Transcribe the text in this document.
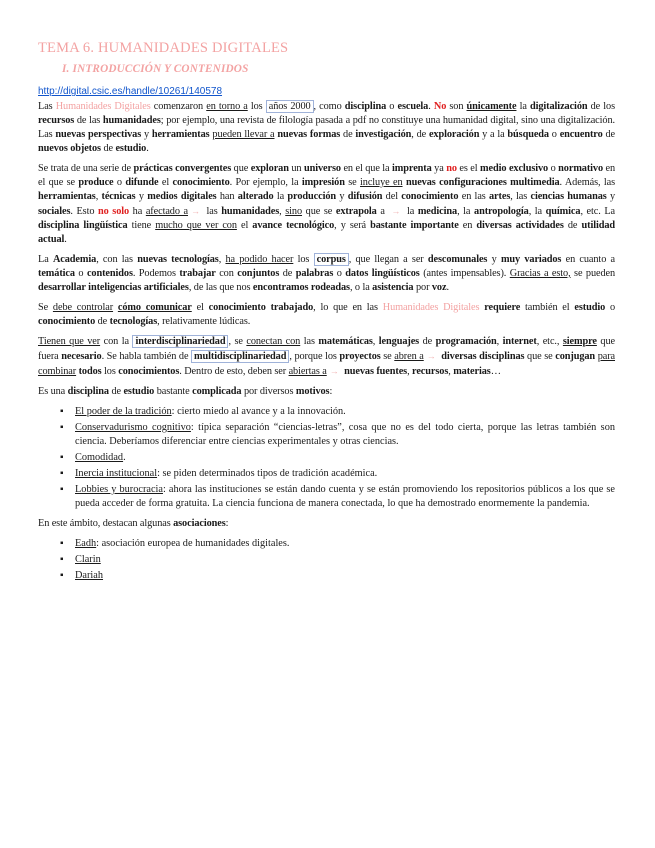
TEMA 6. HUMANIDADES DIGITALES
I. INTRODUCCIÓN Y CONTENIDOS
http://digital.csic.es/handle/10261/140578

Las Humanidades Digitales comenzaron en torno a los años 2000 , como disciplina o escuela. No son únicamente la digitalización de los recursos de las humanidades; por ejemplo, una revista de filología pasada a pdf no constituye una humanidad digital, sino una digitalización. Las nuevas perspectivas y herramientas pueden llevar a nuevas formas de investigación, de exploración y a la búsqueda o encuentro de nuevos objetos de estudio.

Se trata de una serie de prácticas convergentes que exploran un universo en el que la imprenta ya no es el medio exclusivo o normativo en el que se produce o difunde el conocimiento. Por ejemplo, la impresión se incluye en nuevas configuraciones multimedia. Además, las herramientas, técnicas y medios digitales han alterado la producción y difusión del conocimiento en las artes, las ciencias humanas y sociales. Esto no solo ha afectado a → las humanidades, sino que se extrapola a → la medicina, la antropología, la química, etc. La disciplina lingüística tiene mucho que ver con el avance tecnológico, y será bastante importante en diversas actividades de utilidad actual.

La Academia, con las nuevas tecnologías, ha podido hacer los corpus , que llegan a ser descomunales y muy variados en cuanto a temática o contenidos. Podemos trabajar con conjuntos de palabras o datos lingüísticos (antes impensables). Gracias a esto, se pueden desarrollar inteligencias artificiales, de las que nos encontramos rodeadas, o la asistencia por voz.

Se debe controlar cómo comunicar el conocimiento trabajado, lo que en las Humanidades Digitales requiere también el estudio o conocimiento de tecnologías, relativamente lúdicas.

Tienen que ver con la interdisciplinariedad , se conectan con las matemáticas, lenguajes de programación, internet, etc., siempre que fuera necesario. Se habla también de multidisciplinariedad , porque los proyectos se abren a → diversas disciplinas que se conjugan para combinar todos los conocimientos. Dentro de esto, deben ser abiertas a → nuevas fuentes, recursos, materias…

Es una disciplina de estudio bastante complicada por diversos motivos:

▪ El poder de la tradición: cierto miedo al avance y a la innovación.
▪ Conservadurismo cognitivo: típica separación “ciencias-letras”, cosa que no es del todo cierta, porque las letras también son ciencia. Deberíamos diferenciar entre ciencias experimentales y otras ciencias.
▪ Comodidad.
▪ Inercia institucional: se piden determinados tipos de tradición académica.
▪ Lobbies y burocracia: ahora las instituciones se están dando cuenta y se están promoviendo los repositorios públicos a los que se pueda acceder de forma gratuita. La ciencia funciona de manera conectada, lo que ha demostrado enormemente la pandemia.

En este ámbito, destacan algunas asociaciones:

▪ Eadh: asociación europea de humanidades digitales.
▪ Clarin
▪ Dariah
